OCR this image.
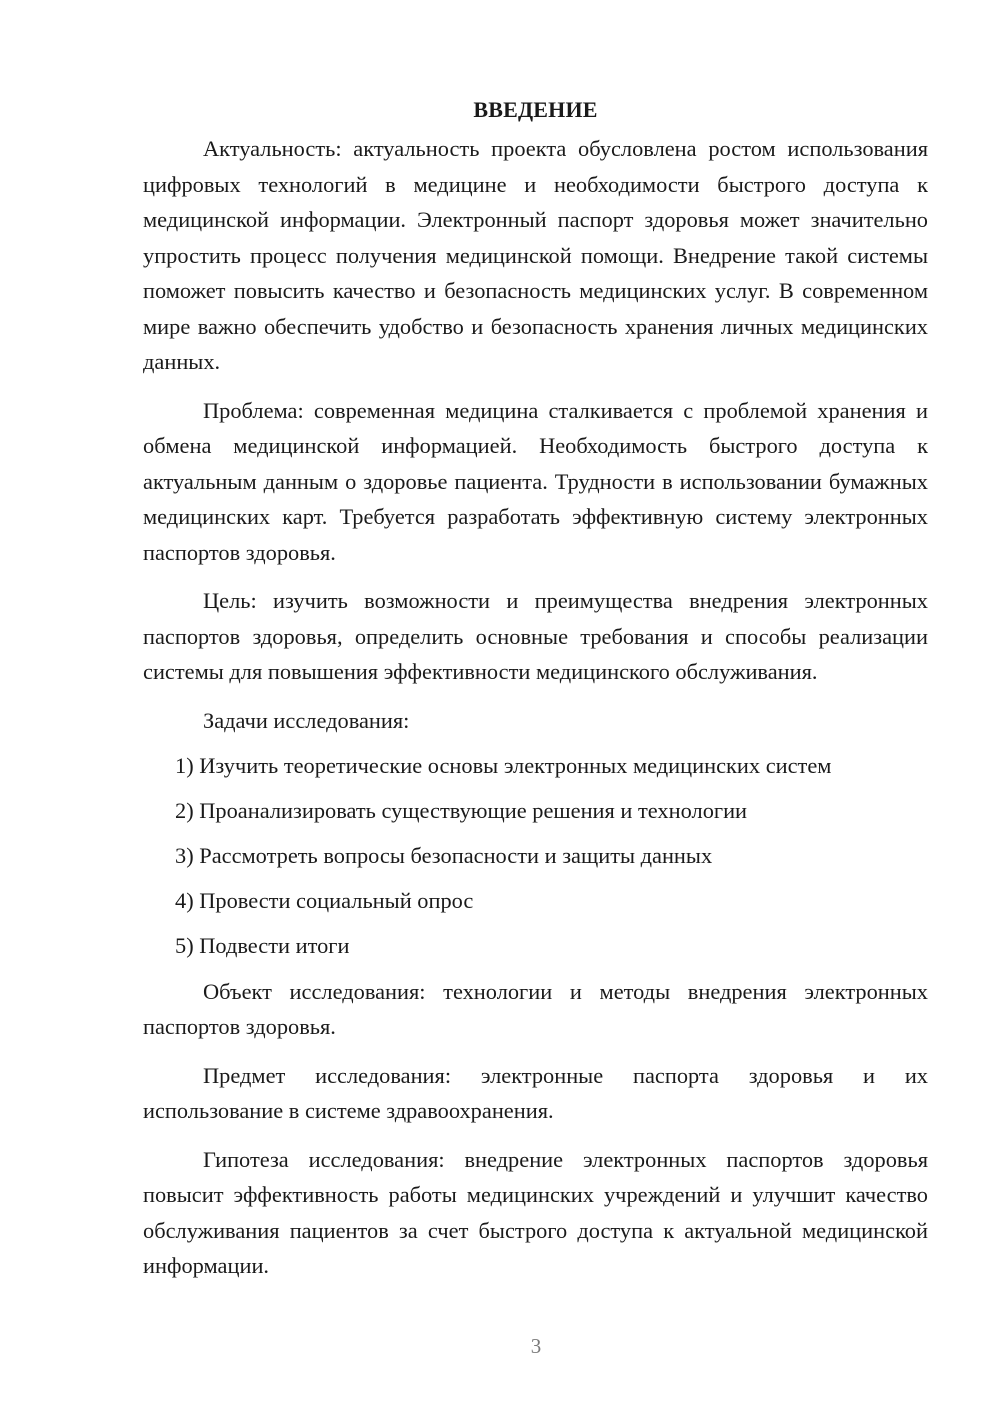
ВВЕДЕНИЕ

Актуальность: актуальность проекта обусловлена ростом использования цифровых технологий в медицине и необходимости быстрого доступа к медицинской информации. Электронный паспорт здоровья может значительно упростить процесс получения медицинской помощи. Внедрение такой системы поможет повысить качество и безопасность медицинских услуг. В современном мире важно обеспечить удобство и безопасность хранения личных медицинских данных.

Проблема: современная медицина сталкивается с проблемой хранения и обмена медицинской информацией. Необходимость быстрого доступа к актуальным данным о здоровье пациента. Трудности в использовании бумажных медицинских карт. Требуется разработать эффективную систему электронных паспортов здоровья.

Цель: изучить возможности и преимущества внедрения электронных паспортов здоровья, определить основные требования и способы реализации системы для повышения эффективности медицинского обслуживания.

Задачи исследования:

1) Изучить теоретические основы электронных медицинских систем
2) Проанализировать существующие решения и технологии
3) Рассмотреть вопросы безопасности и защиты данных
4) Провести социальный опрос
5) Подвести итоги

Объект исследования: технологии и методы внедрения электронных паспортов здоровья.

Предмет исследования: электронные паспорта здоровья и их использование в системе здравоохранения.

Гипотеза исследования: внедрение электронных паспортов здоровья повысит эффективность работы медицинских учреждений и улучшит качество обслуживания пациентов за счет быстрого доступа к актуальной медицинской информации.

3
